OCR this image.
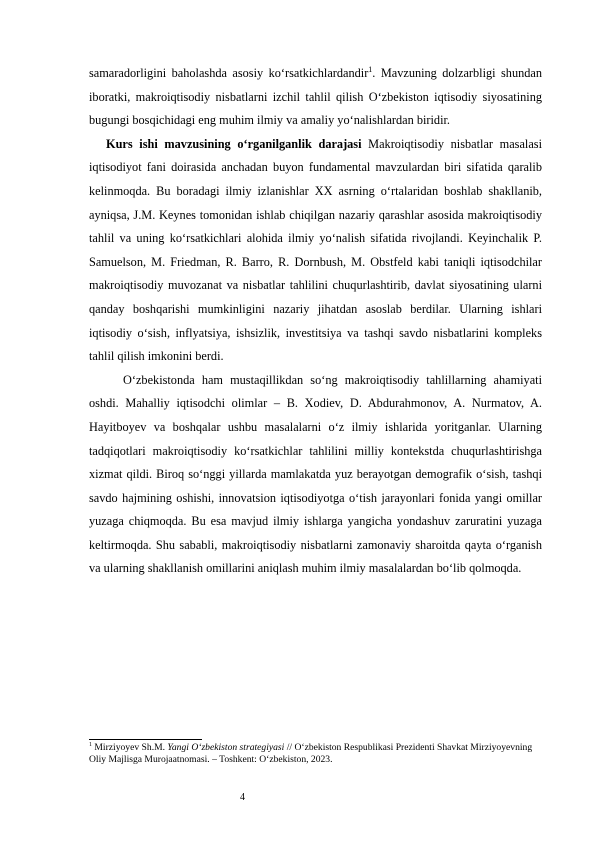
samaradorligini baholashda asosiy ko‘rsatkichlardandir$^1$. Mavzuning dolzarbligi shundan iboratki, makroiqtisodiy nisbatlarni izchil tahlil qilish O‘zbekiston iqtisodiy siyosatining bugungi bosqichidagi eng muhim ilmiy va amaliy yo‘nalishlardan biridir.

Kurs ishi mavzusining o‘rganilganlik darajasi Makroiqtisodiy nisbatlar masalasi iqtisodiyot fani doirasida anchadan buyon fundamental mavzulardan biri sifatida qaralib kelinmoqda. Bu boradagi ilmiy izlanishlar XX asrning o‘rtalaridan boshlab shakllanib, ayniqsa, J.M. Keynes tomonidan ishlab chiqilgan nazariy qarashlar asosida makroiqtisodiy tahlil va uning ko‘rsatkichlari alohida ilmiy yo‘nalish sifatida rivojlandi. Keyinchalik P. Samuelson, M. Friedman, R. Barro, R. Dornbush, M. Obstfeld kabi taniqli iqtisodchilar makroiqtisodiy muvozanat va nisbatlar tahlilini chuqurlashtirib, davlat siyosatining ularni qanday boshqarishi mumkinligini nazariy jihatdan asoslab berdilar. Ularning ishlari iqtisodiy o‘sish, inflyatsiya, ishsizlik, investitsiya va tashqi savdo nisbatlarini kompleks tahlil qilish imkonini berdi.

O‘zbekistonda ham mustaqillikdan so‘ng makroiqtisodiy tahlillarning ahamiyati oshdi. Mahalliy iqtisodchi olimlar – B. Xodiev, D. Abdurahmonov, A. Nurmatov, A. Hayitboyev va boshqalar ushbu masalalarni o‘z ilmiy ishlarida yoritganlar. Ularning tadqiqotlari makroiqtisodiy ko‘rsatkichlar tahlilini milliy kontekstda chuqurlashtirishga xizmat qildi. Biroq so‘nggi yillarda mamlakatda yuz berayotgan demografik o‘sish, tashqi savdo hajmining oshishi, innovatsion iqtisodiyotga o‘tish jarayonlari fonida yangi omillar yuzaga chiqmoqda. Bu esa mavjud ilmiy ishlarga yangicha yondashuv zaruratini yuzaga keltirmoqda. Shu sababli, makroiqtisodiy nisbatlarni zamonaviy sharoitda qayta o‘rganish va ularning shakllanish omillarini aniqlash muhim ilmiy masalalardan bo‘lib qolmoqda.

$^1$ Mirziyoyev Sh.M. Yangi O‘zbekiston strategiyasi // O‘zbekiston Respublikasi Prezidenti Shavkat Mirziyoyevning Oliy Majlisga Murojaatnomasi. – Toshkent: O‘zbekiston, 2023.
4
